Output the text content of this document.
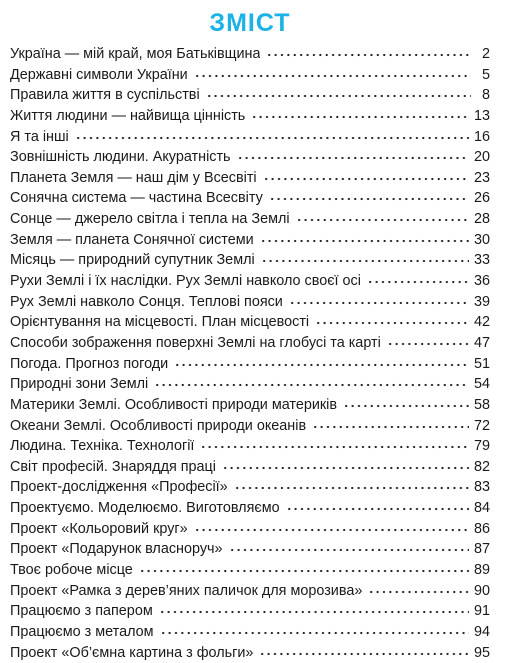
ЗМІСТ
Україна — мій край, моя Батьківщина	2
Державні символи України	5
Правила життя в суспільстві	8
Життя людини — найвища цінність	13
Я та інші	16
Зовнішність людини. Акуратність	20
Планета Земля — наш дім у Всесвіті	23
Сонячна система — частина Всесвіту	26
Сонце — джерело світла і тепла на Землі	28
Земля — планета Сонячної системи	30
Місяць — природний супутник Землі	33
Рухи Землі і їх наслідки. Рух Землі навколо своєї осі	36
Рух Землі навколо Сонця. Теплові пояси	39
Орієнтування на місцевості. План місцевості	42
Способи зображення поверхні Землі на глобусі та карті	47
Погода. Прогноз погоди	51
Природні зони Землі	54
Материки Землі. Особливості природи материків	58
Океани Землі. Особливості природи океанів	72
Людина. Техніка. Технології	79
Світ професій. Знаряддя праці	82
Проект-дослідження «Професії»	83
Проектуємо. Моделюємо. Виготовляємо	84
Проект «Кольоровий круг»	86
Проект «Подарунок власноруч»	87
Твоє робоче місце	89
Проект «Рамка з дерев’яних паличок для морозива»	90
Працюємо з папером	91
Працюємо з металом	94
Проект «Об’ємна картина з фольги»	95
